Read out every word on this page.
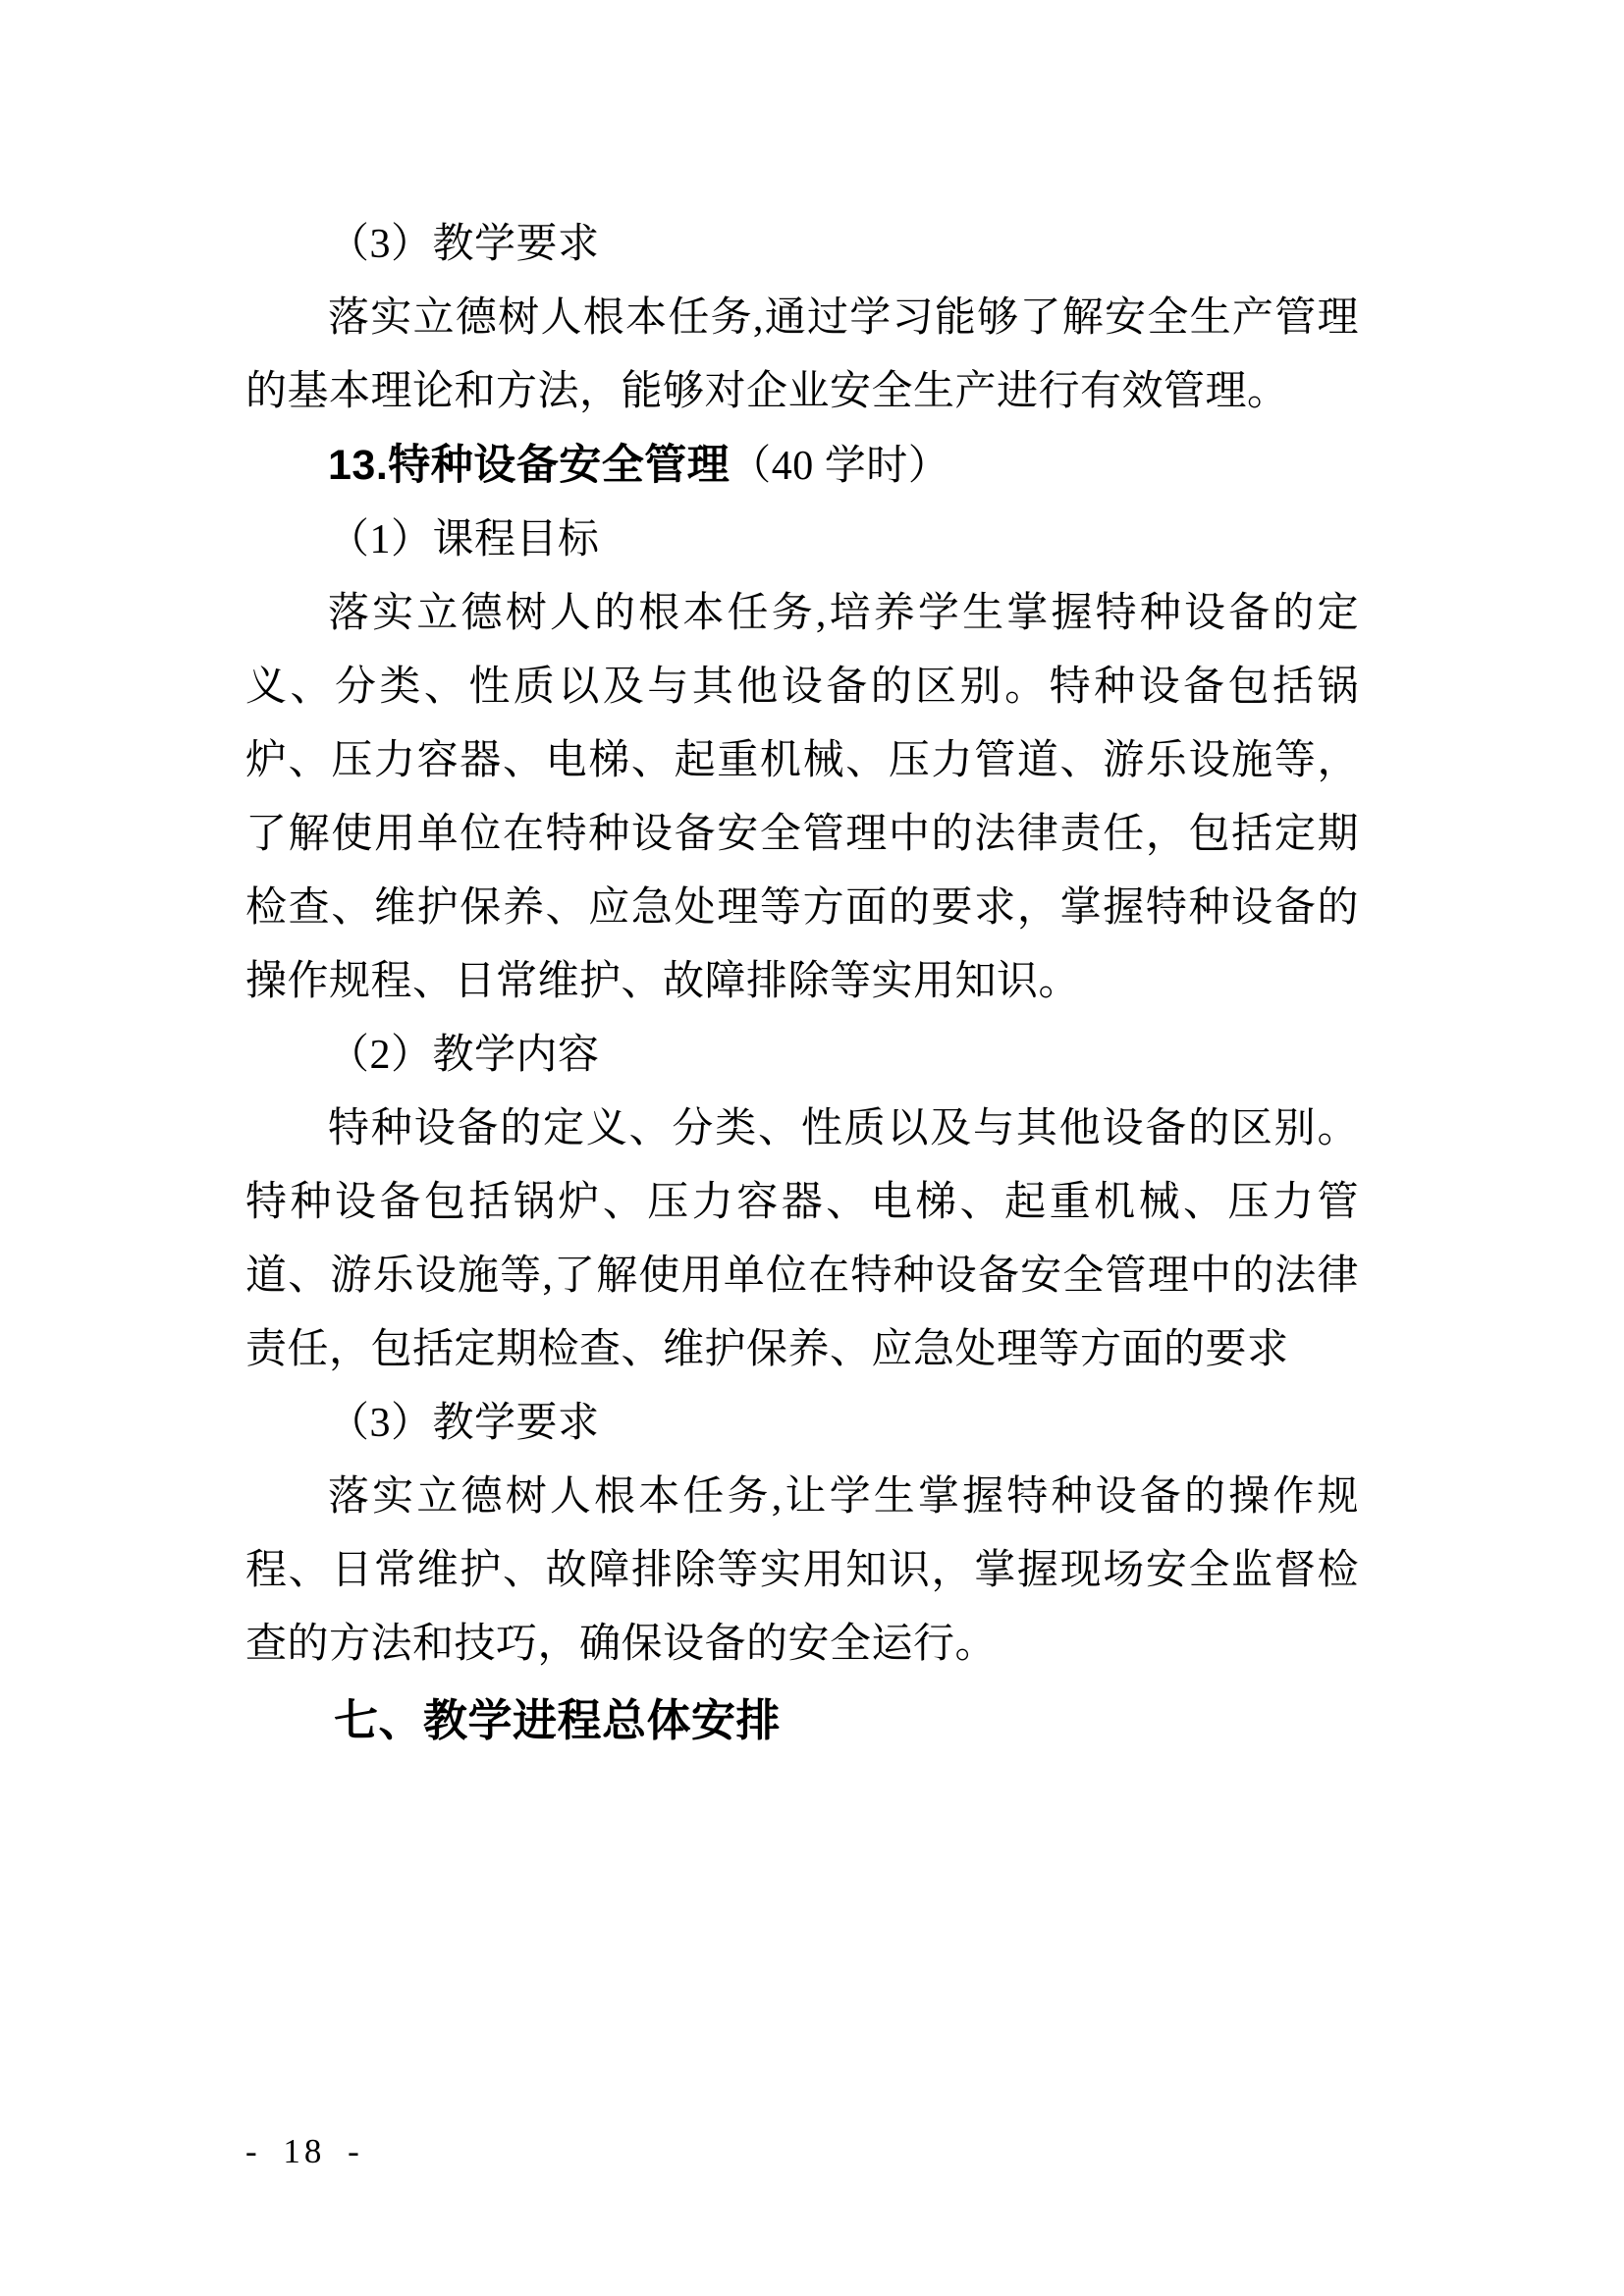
（3）教学要求

落实立德树人根本任务,通过学习能够了解安全生产管理的基本理论和方法，能够对企业安全生产进行有效管理。

13.特种设备安全管理（40 学时）

（1）课程目标

落实立德树人的根本任务,培养学生掌握特种设备的定义、分类、性质以及与其他设备的区别。特种设备包括锅炉、压力容器、电梯、起重机械、压力管道、游乐设施等，了解使用单位在特种设备安全管理中的法律责任，包括定期检查、维护保养、应急处理等方面的要求，掌握特种设备的操作规程、日常维护、故障排除等实用知识。

（2）教学内容

特种设备的定义、分类、性质以及与其他设备的区别。特种设备包括锅炉、压力容器、电梯、起重机械、压力管道、游乐设施等,了解使用单位在特种设备安全管理中的法律责任，包括定期检查、维护保养、应急处理等方面的要求

（3）教学要求

落实立德树人根本任务,让学生掌握特种设备的操作规程、日常维护、故障排除等实用知识，掌握现场安全监督检查的方法和技巧，确保设备的安全运行。

七、教学进程总体安排

- 18 -
